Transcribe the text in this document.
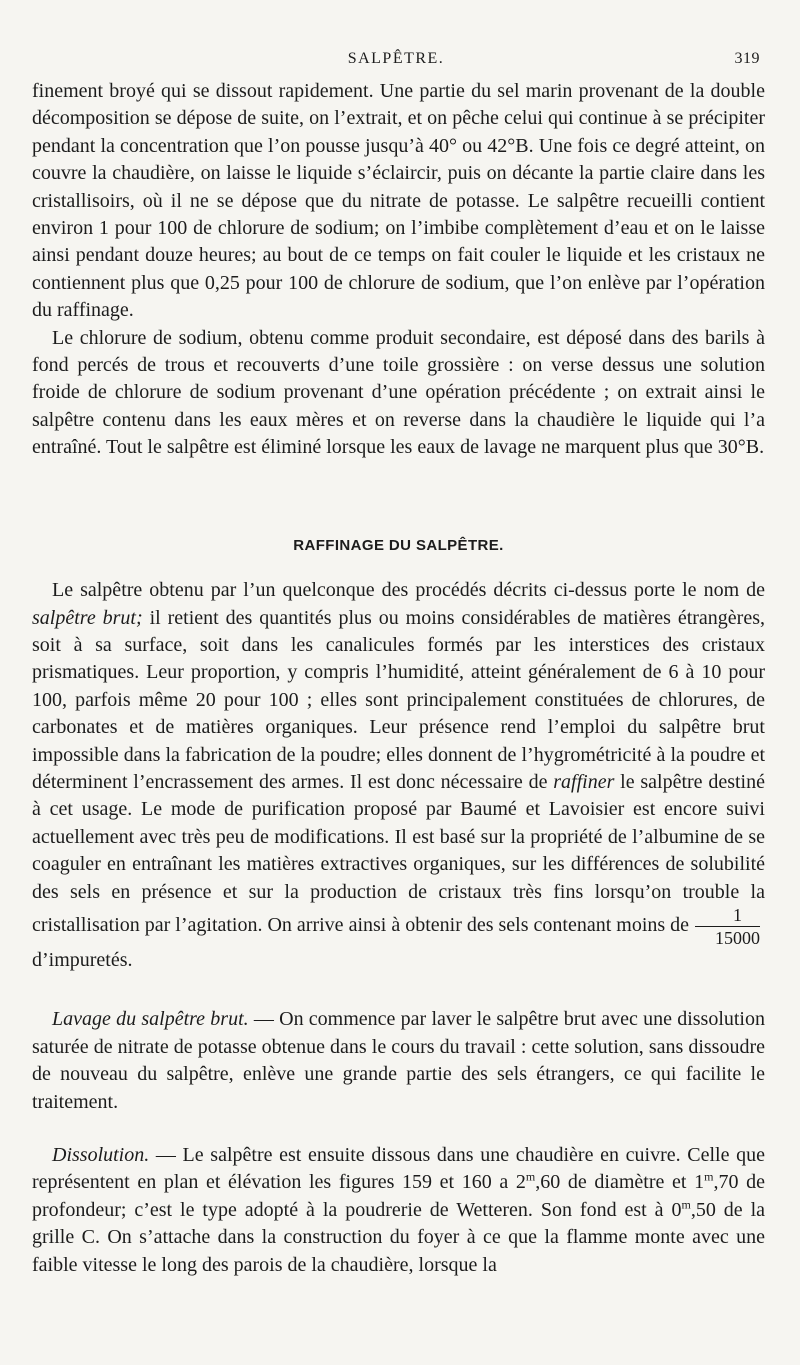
SALPÊTRE.	319

finement broyé qui se dissout rapidement. Une partie du sel marin provenant de la double décomposition se dépose de suite, on l’extrait, et on pêche celui qui continue à se précipiter pendant la concentration que l’on pousse jusqu’à 40° ou 42°B. Une fois ce degré atteint, on couvre la chaudière, on laisse le liquide s’éclaircir, puis on décante la partie claire dans les cristallisoirs, où il ne se dépose que du nitrate de potasse. Le salpêtre recueilli contient environ 1 pour 100 de chlorure de sodium; on l’imbibe complètement d’eau et on le laisse ainsi pendant douze heures; au bout de ce temps on fait couler le liquide et les cristaux ne contiennent plus que 0,25 pour 100 de chlorure de sodium, que l’on enlève par l’opération du raffinage.

Le chlorure de sodium, obtenu comme produit secondaire, est déposé dans des barils à fond percés de trous et recouverts d’une toile grossière : on verse dessus une solution froide de chlorure de sodium provenant d’une opération précédente ; on extrait ainsi le salpêtre contenu dans les eaux mères et on reverse dans la chaudière le liquide qui l’a entraîné. Tout le salpêtre est éliminé lorsque les eaux de lavage ne marquent plus que 30°B.

RAFFINAGE DU SALPÊTRE.

Le salpêtre obtenu par l’un quelconque des procédés décrits ci-dessus porte le nom de salpêtre brut; il retient des quantités plus ou moins considérables de matières étrangères, soit à sa surface, soit dans les canalicules formés par les interstices des cristaux prismatiques. Leur proportion, y compris l’humidité, atteint généralement de 6 à 10 pour 100, parfois même 20 pour 100 ; elles sont principalement constituées de chlorures, de carbonates et de matières organiques. Leur présence rend l’emploi du salpêtre brut impossible dans la fabrication de la poudre; elles donnent de l’hygrométricité à la poudre et déterminent l’encrassement des armes. Il est donc nécessaire de raffiner le salpêtre destiné à cet usage. Le mode de purification proposé par Baumé et Lavoisier est encore suivi actuellement avec très peu de modifications. Il est basé sur la propriété de l’albumine de se coaguler en entraînant les matières extractives organiques, sur les différences de solubilité des sels en présence et sur la production de cristaux très fins lorsqu’on trouble la cristallisation par l’agitation. On arrive ainsi à obtenir des sels contenant moins de $\frac{1}{15000}$

d’impuretés.

Lavage du salpêtre brut. — On commence par laver le salpêtre brut avec une dissolution saturée de nitrate de potasse obtenue dans le cours du travail : cette solution, sans dissoudre de nouveau du salpêtre, enlève une grande partie des sels étrangers, ce qui facilite le traitement.

Dissolution. — Le salpêtre est ensuite dissous dans une chaudière en cuivre. Celle que représentent en plan et élévation les figures 159 et 160 a 2$^m$,60 de diamètre et 1$^m$,70 de profondeur; c’est le type adopté à la poudrerie de Wetteren. Son fond est à 0$^m$,50 de la grille C. On s’attache dans la construction du foyer à ce que la flamme monte avec une faible vitesse le long des parois de la chaudière, lorsque la
